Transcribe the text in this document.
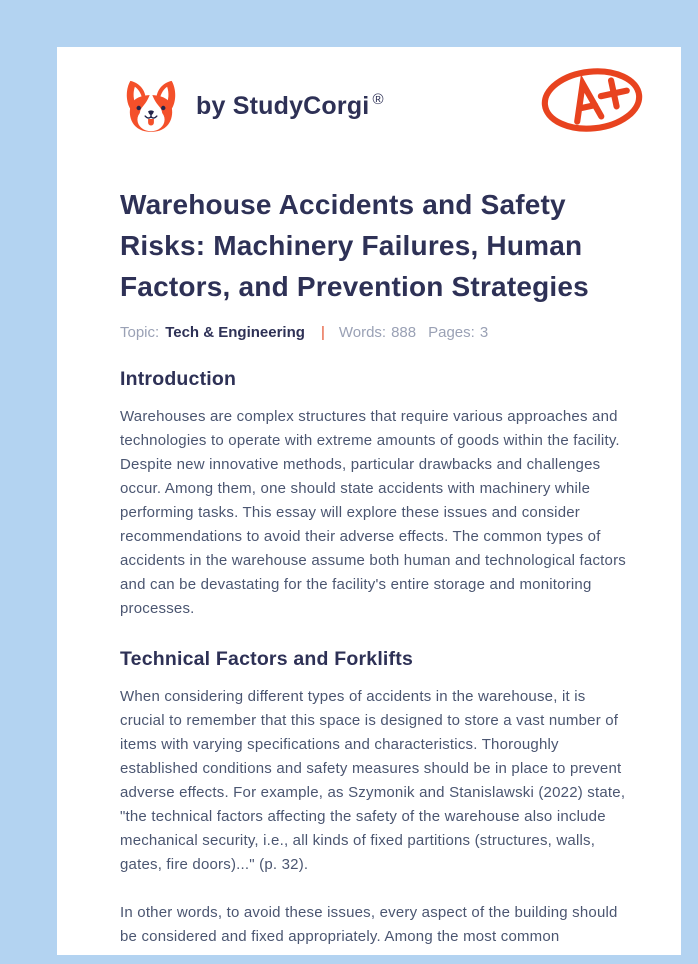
by StudyCorgi ®
Warehouse Accidents and Safety Risks: Machinery Failures, Human Factors, and Prevention Strategies
Topic: Tech & Engineering | Words: 888 Pages: 3
Introduction

Warehouses are complex structures that require various approaches and technologies to operate with extreme amounts of goods within the facility. Despite new innovative methods, particular drawbacks and challenges occur. Among them, one should state accidents with machinery while performing tasks. This essay will explore these issues and consider recommendations to avoid their adverse effects. The common types of accidents in the warehouse assume both human and technological factors and can be devastating for the facility's entire storage and monitoring processes.

Technical Factors and Forklifts

When considering different types of accidents in the warehouse, it is crucial to remember that this space is designed to store a vast number of items with varying specifications and characteristics. Thoroughly established conditions and safety measures should be in place to prevent adverse effects. For example, as Szymonik and Stanislawski (2022) state, "the technical factors affecting the safety of the warehouse also include mechanical security, i.e., all kinds of fixed partitions (structures, walls, gates, fire doors)..." (p. 32).

In other words, to avoid these issues, every aspect of the building should be considered and fixed appropriately. Among the most common
